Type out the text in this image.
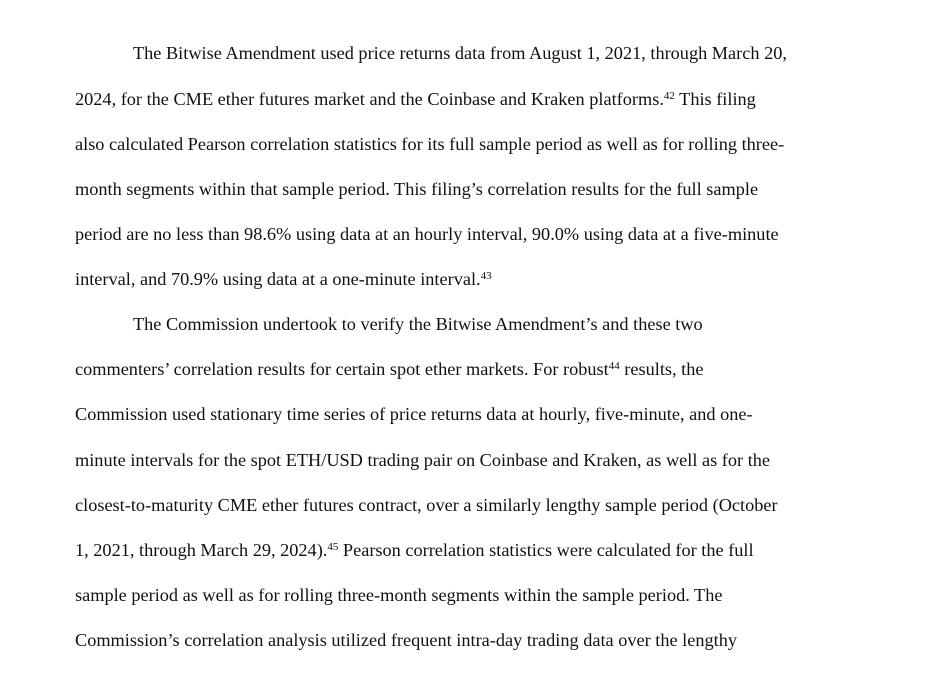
The Bitwise Amendment used price returns data from August 1, 2021, through March 20,
2024, for the CME ether futures market and the Coinbase and Kraken platforms.$^{42}$ This filing
also calculated Pearson correlation statistics for its full sample period as well as for rolling three-
month segments within that sample period. This filing’s correlation results for the full sample
period are no less than 98.6% using data at an hourly interval, 90.0% using data at a five-minute
interval, and 70.9% using data at a one-minute interval.$^{43}$
The Commission undertook to verify the Bitwise Amendment’s and these two
commenters’ correlation results for certain spot ether markets. For robust$^{44}$ results, the
Commission used stationary time series of price returns data at hourly, five-minute, and one-
minute intervals for the spot ETH/USD trading pair on Coinbase and Kraken, as well as for the
closest-to-maturity CME ether futures contract, over a similarly lengthy sample period (October
1, 2021, through March 29, 2024).$^{45}$ Pearson correlation statistics were calculated for the full
sample period as well as for rolling three-month segments within the sample period. The
Commission’s correlation analysis utilized frequent intra-day trading data over the lengthy
